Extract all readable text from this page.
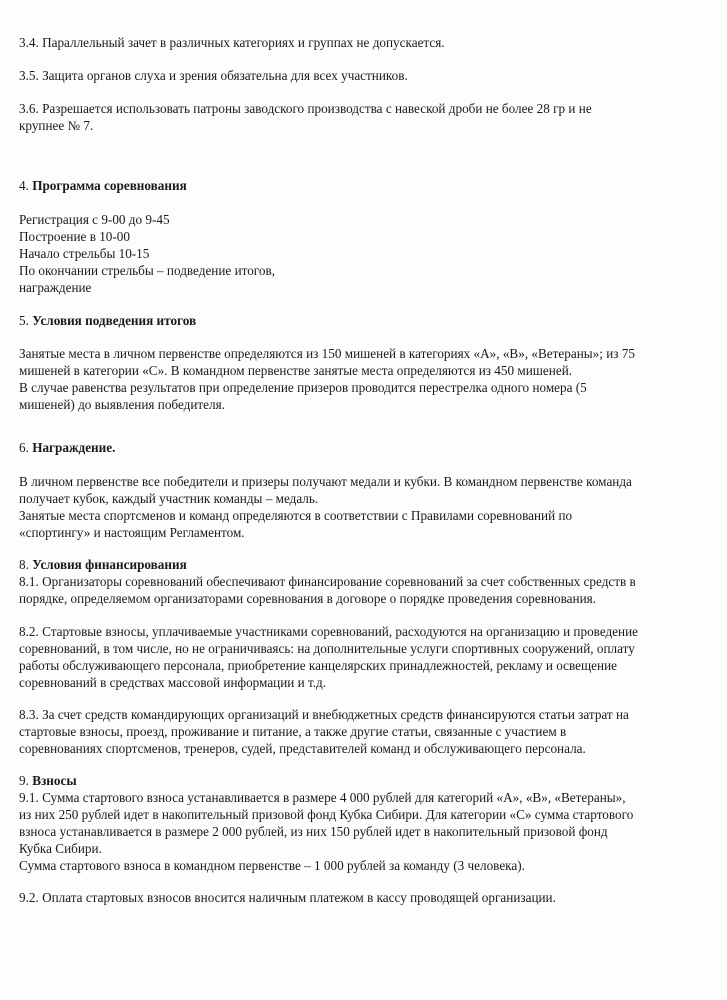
3.4. Параллельный зачет в различных категориях и группах не допускается.
3.5. Защита органов слуха и зрения обязательна для всех участников.
3.6. Разрешается использовать патроны заводского производства с навеской дроби не более 28 гр и не
крупнее № 7.
4. Программа соревнования
Регистрация с 9-00 до 9-45
Построение в 10-00
Начало стрельбы 10-15
По окончании стрельбы – подведение итогов,
награждение
5. Условия подведения итогов
Занятые места в личном первенстве определяются из 150 мишеней в категориях «А», «В», «Ветераны»; из 75
мишеней в категории «С». В командном первенстве занятые места определяются из 450 мишеней.
В случае равенства результатов при определение призеров проводится перестрелка одного номера (5
мишеней) до выявления победителя.
6. Награждение.
В личном первенстве все победители и призеры получают медали и кубки. В командном первенстве команда
получает кубок, каждый участник команды – медаль.
Занятые места спортсменов и команд определяются в соответствии с Правилами соревнований по
«спортингу» и настоящим Регламентом.
8. Условия финансирования
8.1. Организаторы соревнований обеспечивают финансирование соревнований за счет собственных средств в
порядке, определяемом организаторами соревнования в договоре о порядке проведения соревнования.
8.2. Стартовые взносы, уплачиваемые участниками соревнований, расходуются на организацию и проведение
соревнований, в том числе, но не ограничиваясь: на дополнительные услуги спортивных сооружений, оплату
работы обслуживающего персонала, приобретение канцелярских принадлежностей, рекламу и освещение
соревнований в средствах массовой информации и т.д.
8.3. За счет средств командирующих организаций и внебюджетных средств финансируются статьи затрат на
стартовые взносы, проезд, проживание и питание, а также другие статьи, связанные с участием в
соревнованиях спортсменов, тренеров, судей, представителей команд и обслуживающего персонала.
9. Взносы
9.1. Сумма стартового взноса устанавливается в размере 4 000 рублей для категорий «А», «В», «Ветераны»,
из них 250 рублей идет в накопительный призовой фонд Кубка Сибири. Для категории «С» сумма стартового
взноса устанавливается в размере 2 000 рублей, из них 150 рублей идет в накопительный призовой фонд
Кубка Сибири.
Сумма стартового взноса в командном первенстве – 1 000 рублей за команду (3 человека).
9.2. Оплата стартовых взносов вносится наличным платежом в кассу проводящей организации.
